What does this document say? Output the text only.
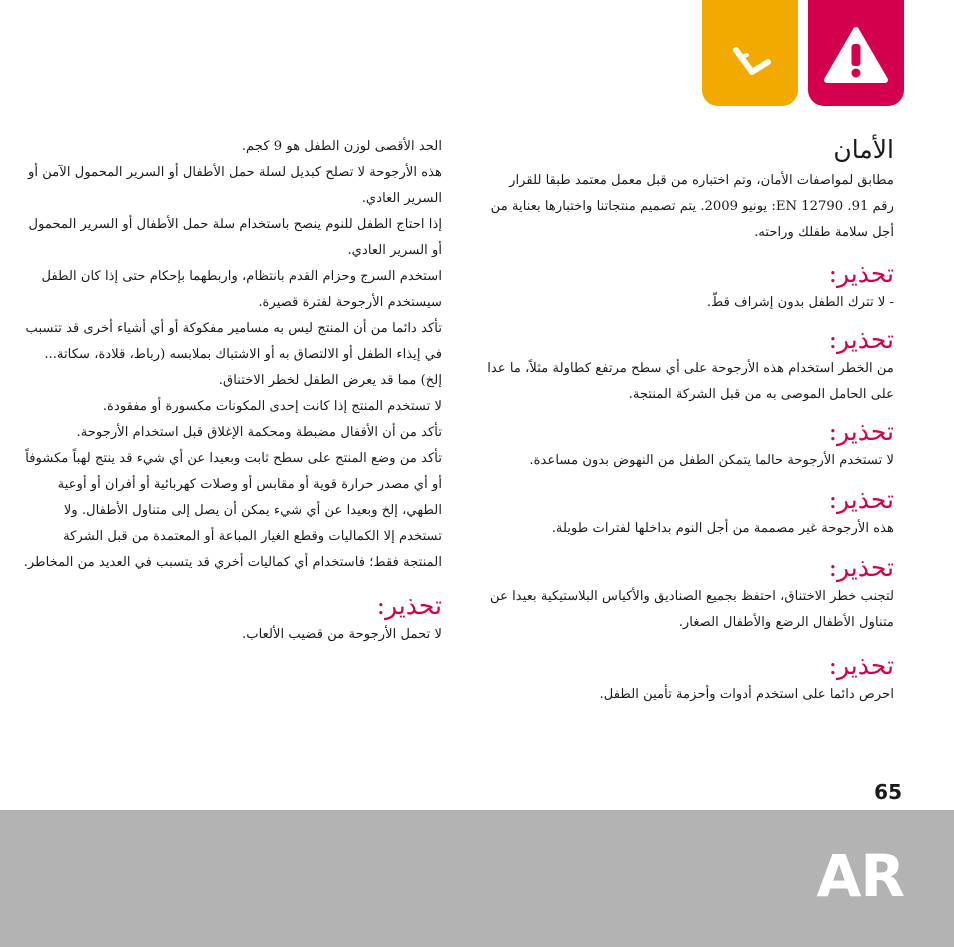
الأمان
مطابق لمواصفات الأمان، وتم اختباره من قبل معمل معتمد طبقا للقرار رقم 91. EN 12790: يونيو 2009. يتم تصميم منتجاتنا واختبارها بعناية من أجل سلامة طفلك وراحته.
تحذير:
- لا تترك الطفل بدون إشراف قطّ.
تحذير:
من الخطر استخدام هذه الأرجوحة على أي سطح مرتفع كطاولة مثلاً، ما عدا على الحامل الموصى به من قبل الشركة المنتجة.
تحذير:
لا تستخدم الأرجوحة حالما يتمكن الطفل من النهوض بدون مساعدة.
تحذير:
هذه الأرجوحة غير مصممة من أجل النوم بداخلها لفترات طويلة.
تحذير:
لتجنب خطر الاختناق، احتفظ بجميع الصناديق والأكياس البلاستيكية بعيدا عن متناول الأطفال الرضع والأطفال الصغار.
تحذير:
احرص دائما على استخدم أدوات وأحزمة تأمين الطفل.
الحد الأقصى لوزن الطفل هو 9 كجم.
هذه الأرجوحة لا تصلح كبديل لسلة حمل الأطفال أو السرير المحمول الآمن أو السرير العادي.
إذا احتاج الطفل للنوم ينصح باستخدام سلة حمل الأطفال أو السرير المحمول أو السرير العادي.
استخدم السرج وحزام القدم بانتظام، واربطهما بإحكام حتى إذا كان الطفل سيستخدم الأرجوحة لفترة قصيرة.
تأكد دائما من أن المنتج ليس به مسامير مفكوكة أو أي أشياء أخرى قد تتسبب في إيذاء الطفل أو الالتصاق به أو الاشتباك بملابسه (رباط، قلادة، سكاتة... إلخ) مما قد يعرض الطفل لخطر الاختناق.
لا تستخدم المنتج إذا كانت إحدى المكونات مكسورة أو مفقودة.
تأكد من أن الأقفال مضبطة ومحكمة الإغلاق قبل استخدام الأرجوحة.
تأكد من وضع المنتج على سطح ثابت وبعيدا عن أي شيء قد ينتج لهباً مكشوفاً أو أي مصدر حرارة قوية أو مقابس أو وصلات كهربائية أو أفران أو أوعية الطهي، إلخ وبعيدا عن أي شيء يمكن أن يصل إلى متناول الأطفال. ولا تستخدم إلا الكماليات وقطع الغيار المباعة أو المعتمدة من قبل الشركة المنتجة فقط؛ فاستخدام أي كماليات أخري قد يتسبب في العديد من المخاطر.
تحذير:
لا تحمل الأرجوحة من قضيب الألعاب.
65
AR
